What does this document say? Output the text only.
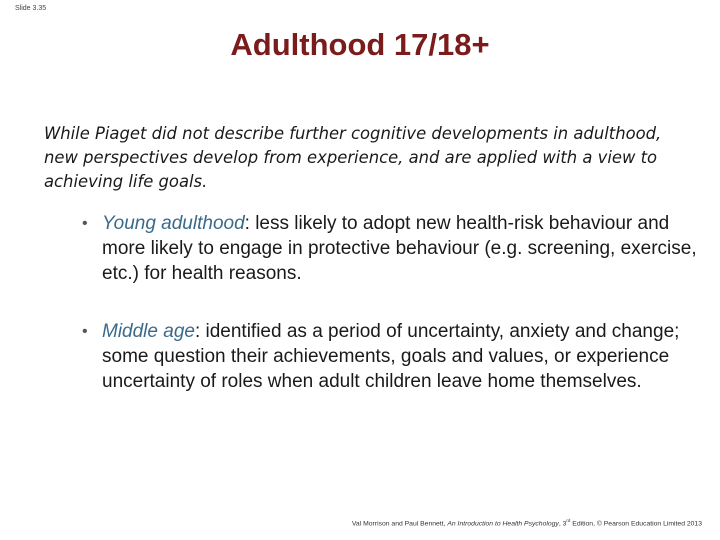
Slide 3.35
Adulthood 17/18+
While Piaget did not describe further cognitive developments in adulthood, new perspectives develop from experience, and are applied with a view to achieving life goals.
• Young adulthood: less likely to adopt new health-risk behaviour and more likely to engage in protective behaviour (e.g. screening, exercise, etc.) for health reasons.
• Middle age: identified as a period of uncertainty, anxiety and change; some question their achievements, goals and values, or experience uncertainty of roles when adult children leave home themselves.
Val Morrison and Paul Bennett, An Introduction to Health Psychology, 3rd Edition, © Pearson Education Limited 2013
